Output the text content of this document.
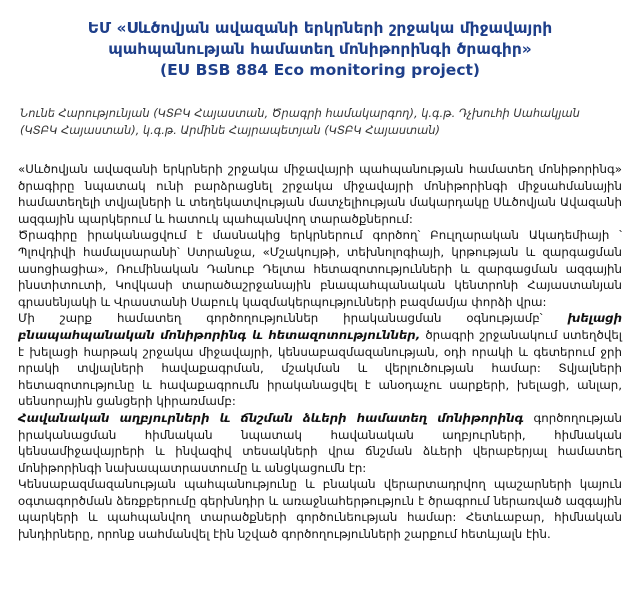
ԵՄ «Սևծովյան ավազանի երկրների շրջակա միջավայրի
պահպանության համատեղ մոնիթորինգի ծրագիր»
(EU BSB 884 Eco monitoring project)
Նունե Հարությունյան (ԿՏԲԿ Հայաստան, Ծրագրի համակարգող), կ.գ.թ. Դչխուհի Սահակյան (ԿՏԲԿ Հայաստան), կ.գ.թ. Արմինե Հայրապետյան (ԿՏԲԿ Հայաստան)

«Սևծովյան ավազանի երկրների շրջակա միջավայրի պահպանության համատեղ մոնիթորինգ» ծրագիրը նպատակ ունի բարձրացնել շրջակա միջավայրի մոնիթորինգի միջսահմանային համատեղելի տվյալների և տեղեկատվության մատչելիության մակարդակը Սևծովյան Ավազանի ազգային պարկերում և հատուկ պահպանվող տարածքներում:

Ծրագիրը իրականացվում է մասնակից երկրներում գործող՝ Բուլղարական Ակադեմիայի ՝ Պլովդիվի համալսարանի՝ Ստրանջա, «Մշակույթի, տեխնոլոգիայի, կրթության և զարգացման ասոցիացիա», Ռումինական Դանուբ Դելտա հետազոտությունների և զարգացման ազգային ինստիտուտի, Կովկասի տարածաշրջանային բնապահպանական կենտրոնի Հայաստանյան գրասենյակի և Վրաստանի Սաբուկ կազմակերպությունների բազմամյա փորձի վրա:

Մի շարք համատեղ գործողություններ իրականացման օգնությամբ՝ խելացի բնապահպանական մոնիթորինգ և հետազոտություններ, ծրագրի շրջանակում ստեղծվել է խելացի հարթակ շրջակա միջավայրի, կենսաբազմազանության, օդի որակի և գետերում ջրի որակի տվյալների հավաքագրման, մշակման և վերլուծության համար: Տվյալների հետազոտությունը և հավաքագրումն իրականացվել է անօդաչու սարքերի, խելացի, անլար, սենսորային ցանցերի կիրառմամբ:

Հավանական աղբյուրների և ճնշման ձևերի համատեղ մոնիթորինգ գործողության իրականացման հիմնական նպատակ հավանական աղբյուրների, հիմնական կենսամիջավայրերի և ինվազիվ տեսակների վրա ճնշման ձևերի վերաբերյալ համատեղ մոնիթորինգի նախապատրաստումը և անցկացումն էր:

Կենսաբազմազանության պահպանությունը և բնական վերարտադրվող պաշարների կայուն օգտագործման ձեռքբերումը գերխնդիր և առաջնահերթություն է ծրագրում ներառված ազգային պարկերի և պահպանվող տարածքների գործունեության համար: Հետևաբար, հիմնական խնդիրները, որոնք սահմանվել էին նշված գործողությունների շարքում հետևյալն էին.
